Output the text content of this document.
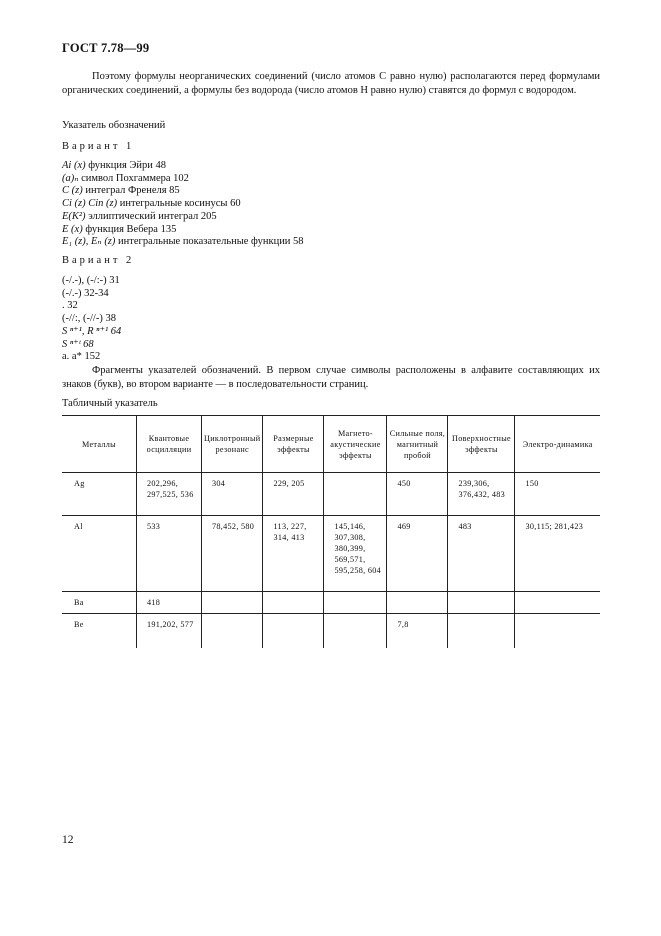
ГОСТ 7.78—99
Поэтому формулы неорганических соединений (число атомов С равно нулю) располагаются перед формулами органических соединений, а формулы без водорода (число атомов Н равно нулю) ставятся до формул с водородом.
Указатель обозначений
Вариант 1
Ai (x) функция Эйри 48
(a)ₙ символ Похгаммера 102
C (z) интеграл Френеля 85
Ci (z) Cin (z) интегральные косинусы 60
E(K²) эллиптический интеграл 205
E (x) функция Вебера 135
E₁ (z), Eₙ (z) интегральные показательные функции 58
Вариант 2
(-/.-), (-/:-) 31
(-/.-) 32-34
. 32
(-//:, (-//-) 38
S ⁿ⁺¹, R ⁿ⁺¹ 64
S ⁿ⁺ᵗ 68
a. a* 152
Фрагменты указателей обозначений. В первом случае символы расположены в алфавите составляющих их знаков (букв), во втором варианте — в последовательности страниц.
Табличный указатель
Металлы	Квантовые осцилляции	Циклотронный резонанс	Размерные эффекты	Магнето-акустические эффекты	Сильные поля, магнитный пробой	Поверхностные эффекты	Электро-динамика
Ag	202,296, 297,525, 536	304	229, 205		450	239,306, 376,432, 483	150
Al	533	78,452, 580	113, 227, 314, 413	145,146, 307,308, 380,399, 569,571, 595,258, 604	469	483	30,115; 281,423
Ba	418						
Be	191,202, 577				7,8		
12
